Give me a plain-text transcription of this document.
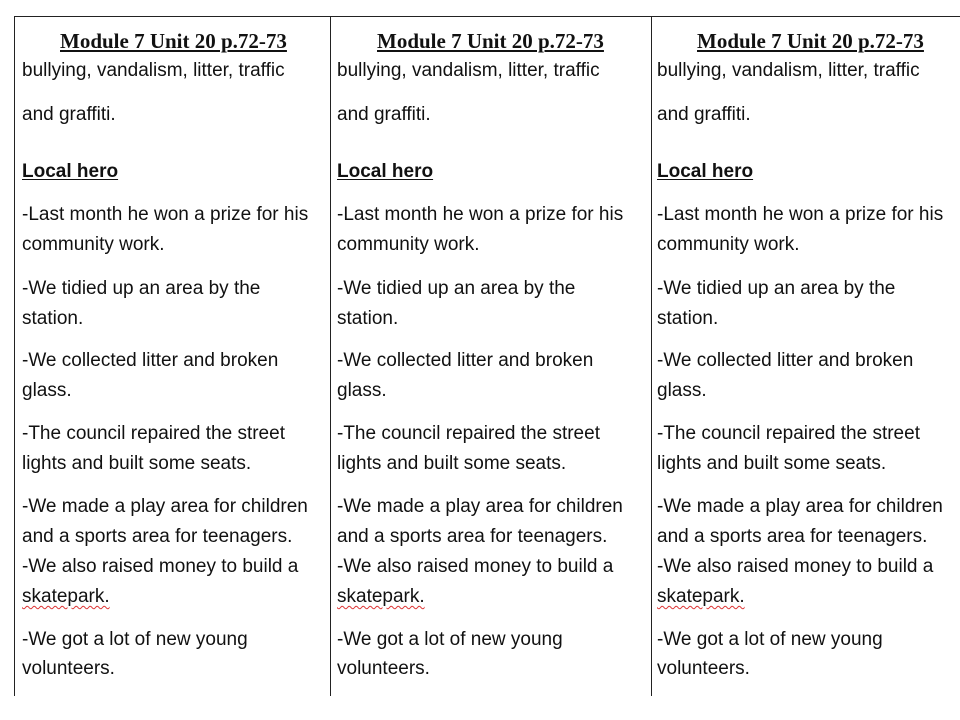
Module 7 Unit 20 p.72-73
bullying, vandalism, litter, traffic
and graffiti.
Local hero
-Last month he won a prize for his
community work.
-We tidied up an area by the
station.
-We collected litter and broken
glass.
-The council repaired the street
lights and built some seats.
-We made a play area for children
and a sports area for teenagers.
-We also raised money to build a
skatepark.
-We got a lot of new young
volunteers.
Module 7 Unit 20 p.72-73
bullying, vandalism, litter, traffic
and graffiti.
Local hero
-Last month he won a prize for his
community work.
-We tidied up an area by the
station.
-We collected litter and broken
glass.
-The council repaired the street
lights and built some seats.
-We made a play area for children
and a sports area for teenagers.
-We also raised money to build a
skatepark.
-We got a lot of new young
volunteers.
Module 7 Unit 20 p.72-73
bullying, vandalism, litter, traffic
and graffiti.
Local hero
-Last month he won a prize for his
community work.
-We tidied up an area by the
station.
-We collected litter and broken
glass.
-The council repaired the street
lights and built some seats.
-We made a play area for children
and a sports area for teenagers.
-We also raised money to build a
skatepark.
-We got a lot of new young
volunteers.
